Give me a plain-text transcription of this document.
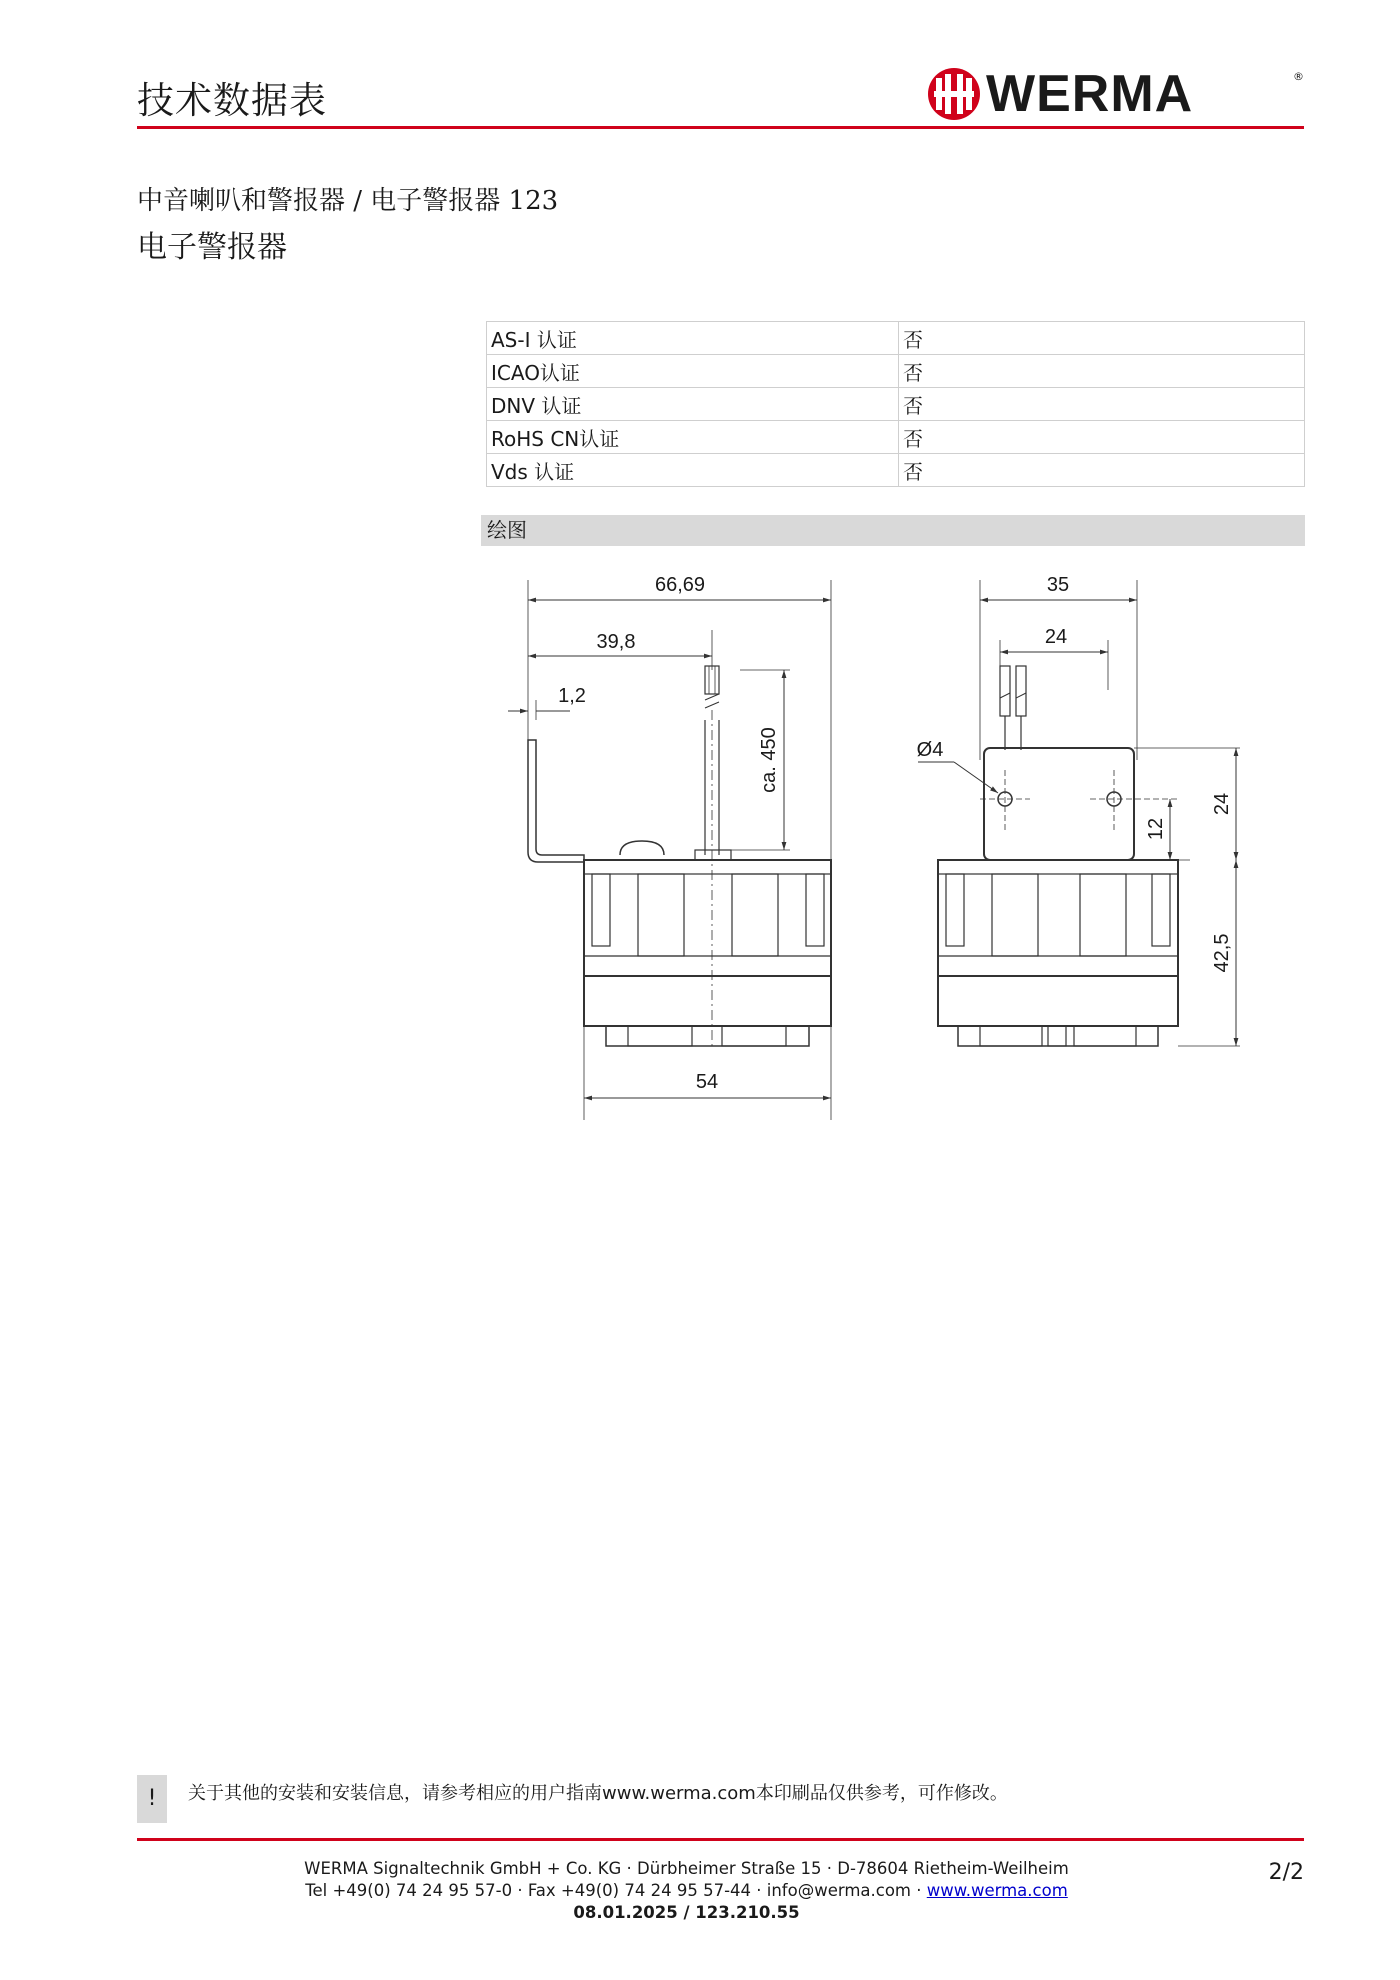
技术数据表	WERMA	®
中音喇叭和警报器 / 电子警报器 123
电子警报器
AS-I 认证	否
ICAO认证	否
DNV 认证	否
RoHS CN认证	否
Vds 认证	否
绘图
66,69
39,8
1,2
ca. 450
54
35
24
Ø4
12
24
42,5
!	关于其他的安装和安装信息，请参考相应的用户指南www.werma.com本印刷品仅供参考，可作修改。
WERMA Signaltechnik GmbH + Co. KG · Dürbheimer Straße 15 · D-78604 Rietheim-Weilheim
Tel +49(0) 74 24 95 57-0 · Fax +49(0) 74 24 95 57-44 · info@werma.com · www.werma.com
08.01.2025 / 123.210.55
2/2
